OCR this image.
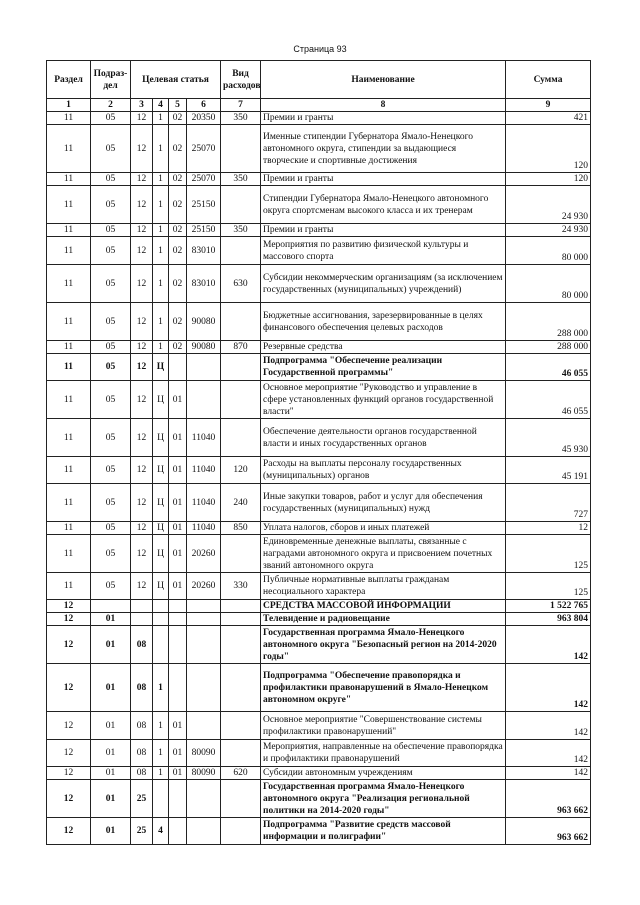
Страница 93
Раздел	Подраз-дел	Целевая статья				Вид расходов	Наименование	Сумма
1	2	3	4	5	6	7	8	9
11	05	12	1	02	20350	350	Премии и гранты	421
11	05	12	1	02	25070		Именные стипендии Губернатора Ямало-Ненецкого автономного округа, стипендии за выдающиеся творческие и спортивные достижения	120
11	05	12	1	02	25070	350	Премии и гранты	120
11	05	12	1	02	25150		Стипендии Губернатора Ямало-Ненецкого автономного округа спортсменам высокого класса и их тренерам	24 930
11	05	12	1	02	25150	350	Премии и гранты	24 930
11	05	12	1	02	83010		Мероприятия по развитию физической культуры и массового спорта	80 000
11	05	12	1	02	83010	630	Субсидии некоммерческим организациям (за исключением государственных (муниципальных) учреждений)	80 000
11	05	12	1	02	90080		Бюджетные ассигнования, зарезервированные в целях финансового обеспечения целевых расходов	288 000
11	05	12	1	02	90080	870	Резервные средства	288 000
11	05	12	Ц				Подпрограмма "Обеспечение реализации Государственной программы"	46 055
11	05	12	Ц	01			Основное мероприятие "Руководство и управление в сфере установленных функций органов государственной власти"	46 055
11	05	12	Ц	01	11040		Обеспечение деятельности органов государственной власти и иных государственных органов	45 930
11	05	12	Ц	01	11040	120	Расходы на выплаты персоналу государственных (муниципальных) органов	45 191
11	05	12	Ц	01	11040	240	Иные закупки товаров, работ и услуг для обеспечения государственных (муниципальных) нужд	727
11	05	12	Ц	01	11040	850	Уплата налогов, сборов и иных платежей	12
11	05	12	Ц	01	20260		Единовременные денежные выплаты, связанные с наградами автономного округа и присвоением почетных званий автономного округа	125
11	05	12	Ц	01	20260	330	Публичные нормативные выплаты гражданам несоциального характера	125
12							СРЕДСТВА МАССОВОЙ ИНФОРМАЦИИ	1 522 765
12	01						Телевидение и радиовещание	963 804
12	01	08					Государственная программа Ямало-Ненецкого автономного округа "Безопасный регион на 2014-2020 годы"	142
12	01	08	1				Подпрограмма "Обеспечение правопорядка и профилактики правонарушений в Ямало-Ненецком автономном округе"	142
12	01	08	1	01			Основное мероприятие "Совершенствование системы профилактики правонарушений"	142
12	01	08	1	01	80090		Мероприятия, направленные на обеспечение правопорядка и профилактики правонарушений	142
12	01	08	1	01	80090	620	Субсидии автономным учреждениям	142
12	01	25					Государственная программа Ямало-Ненецкого автономного округа "Реализация региональной политики на 2014-2020 годы"	963 662
12	01	25	4				Подпрограмма "Развитие средств массовой информации и полиграфии"	963 662
